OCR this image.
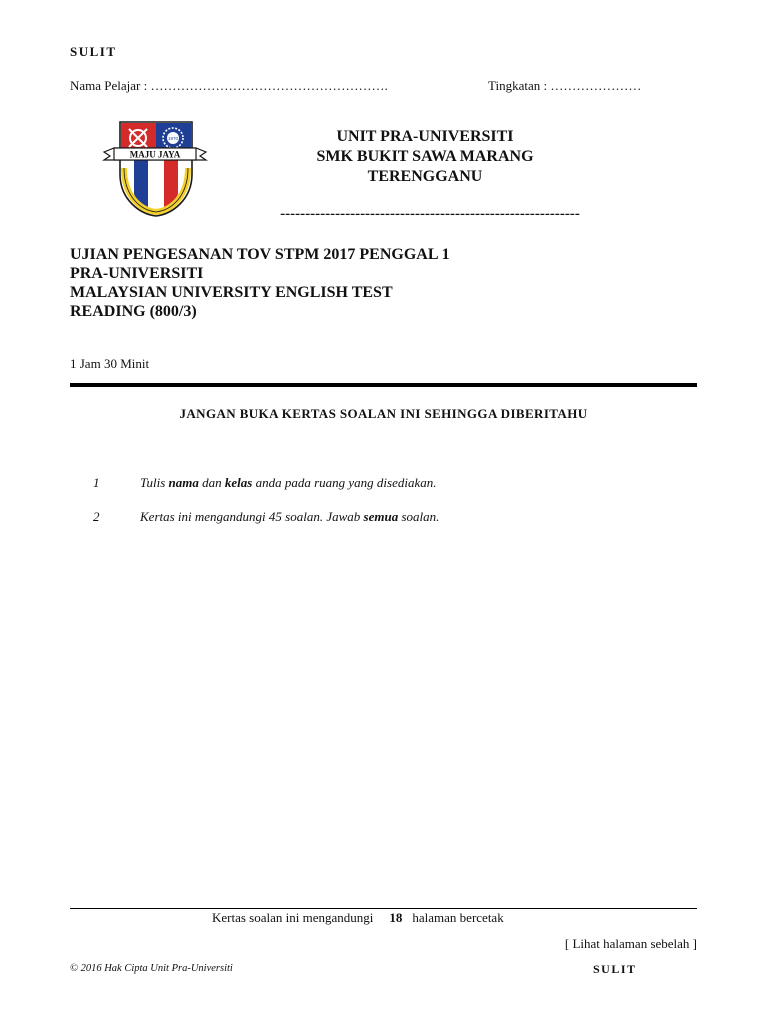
SULIT
Nama Pelajar : ……………………………………………….	Tingkatan : …………………
1970
MAJU JAYA
UNIT PRA-UNIVERSITI
SMK BUKIT SAWA MARANG
TERENGGANU
------------------------------------------------------------
UJIAN PENGESANAN TOV STPM 2017 PENGGAL 1
PRA-UNIVERSITI
MALAYSIAN UNIVERSITY ENGLISH TEST
READING (800/3)
1 Jam 30 Minit
JANGAN BUKA KERTAS SOALAN INI SEHINGGA DIBERITAHU
1	Tulis nama dan kelas anda pada ruang yang disediakan.
2	Kertas ini mengandungi 45 soalan. Jawab semua soalan.
Kertas soalan ini mengandungi 18 halaman bercetak
[ Lihat halaman sebelah ]
© 2016 Hak Cipta Unit Pra-Universiti	SULIT
